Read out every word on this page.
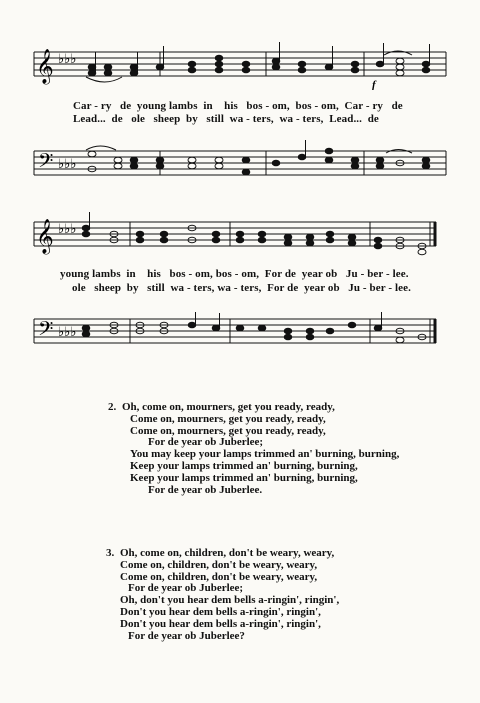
𝄞 ♭♭♭
f
Car - ry   de  young lambs  in    his   bos - om,  bos - om,  Car - ry   de
Lead...  de   ole   sheep  by   still  wa - ters,  wa - ters,  Lead...  de
𝄢 ♭♭♭
𝄞 ♭♭♭
young lambs  in    his   bos - om, bos - om,  For de  year ob   Ju - ber - lee.
ole   sheep  by   still  wa - ters, wa - ters,  For de  year ob   Ju - ber - lee.
𝄢 ♭♭♭
2. Oh, come on, mourners, get you ready, ready,
Come on, mourners, get you ready, ready,
Come on, mourners, get you ready, ready,
For de year ob Juberlee;
You may keep your lamps trimmed an' burning, burning,
Keep your lamps trimmed an' burning, burning,
Keep your lamps trimmed an' burning, burning,
For de year ob Juberlee.
3. Oh, come on, children, don't be weary, weary,
Come on, children, don't be weary, weary,
Come on, children, don't be weary, weary,
For de year ob Juberlee;
Oh, don't you hear dem bells a-ringin', ringin',
Don't you hear dem bells a-ringin', ringin',
Don't you hear dem bells a-ringin', ringin',
For de year ob Juberlee?
